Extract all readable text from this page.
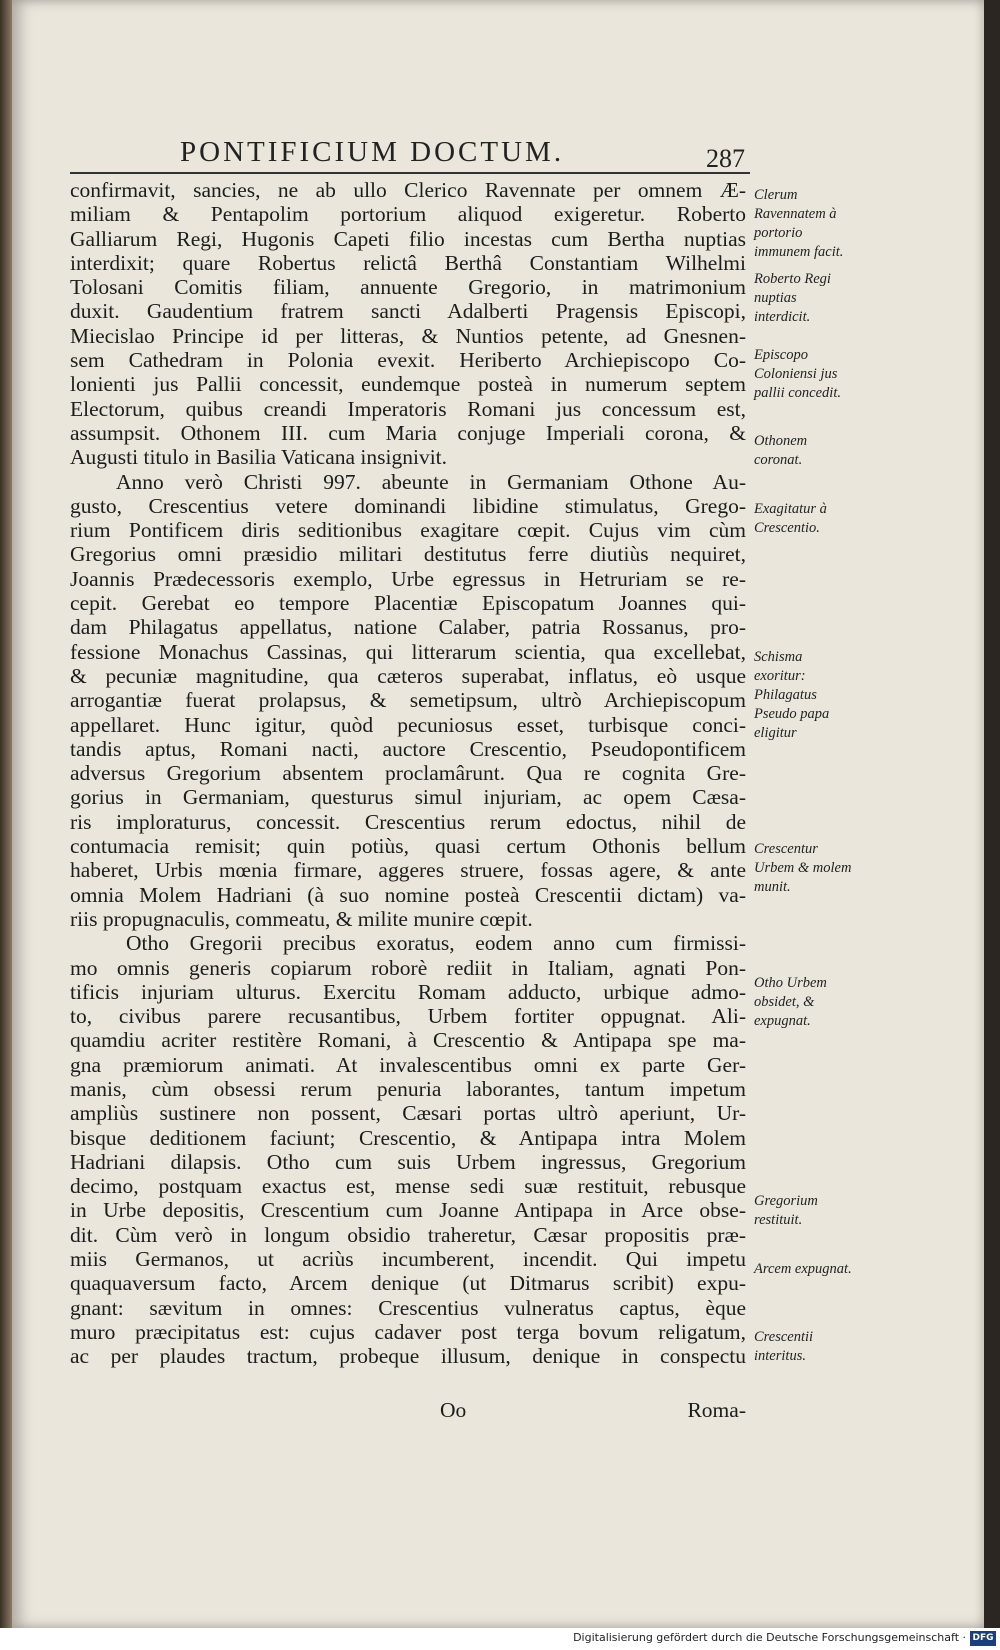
PONTIFICIUM DOCTUM.	287

confirmavit, sancies, ne ab ullo Clerico Ravennate per omnem Æ-
miliam & Pentapolim portorium aliquod exigeretur. Roberto
Galliarum Regi, Hugonis Capeti filio incestas cum Bertha nuptias
interdixit; quare Robertus relictâ Berthâ Constantiam Wilhelmi
Tolosani Comitis filiam, annuente Gregorio, in matrimonium
duxit. Gaudentium fratrem sancti Adalberti Pragensis Episcopi,
Miecislao Principe id per litteras, & Nuntios petente, ad Gnesnen-
sem Cathedram in Polonia evexit. Heriberto Archiepiscopo Co-
lonienti jus Pallii concessit, eundemque posteà in numerum septem
Electorum, quibus creandi Imperatoris Romani jus concessum est,
assumpsit. Othonem III. cum Maria conjuge Imperiali corona, &
Augusti titulo in Basilia Vaticana insignivit.

Anno verò Christi 997. abeunte in Germaniam Othone Au-
gusto, Crescentius vetere dominandi libidine stimulatus, Grego-
rium Pontificem diris seditionibus exagitare cœpit. Cujus vim cùm
Gregorius omni præsidio militari destitutus ferre diutiùs nequiret,
Joannis Prædecessoris exemplo, Urbe egressus in Hetruriam se re-
cepit. Gerebat eo tempore Placentiæ Episcopatum Joannes qui-
dam Philagatus appellatus, natione Calaber, patria Rossanus, pro-
fessione Monachus Cassinas, qui litterarum scientia, qua excellebat,
& pecuniæ magnitudine, qua cæteros superabat, inflatus, eò usque
arrogantiæ fuerat prolapsus, & semetipsum, ultrò Archiepiscopum
appellaret. Hunc igitur, quòd pecuniosus esset, turbisque conci-
tandis aptus, Romani nacti, auctore Crescentio, Pseudopontificem
adversus Gregorium absentem proclamârunt. Qua re cognita Gre-
gorius in Germaniam, questurus simul injuriam, ac opem Cæsa-
ris imploraturus, concessit. Crescentius rerum edoctus, nihil de
contumacia remisit; quin potiùs, quasi certum Othonis bellum
haberet, Urbis mœnia firmare, aggeres struere, fossas agere, & ante
omnia Molem Hadriani (à suo nomine posteà Crescentii dictam) va-
riis propugnaculis, commeatu, & milite munire cœpit.

Otho Gregorii precibus exoratus, eodem anno cum firmissi-
mo omnis generis copiarum roborè rediit in Italiam, agnati Pon-
tificis injuriam ulturus. Exercitu Romam adducto, urbique admo-
to, civibus parere recusantibus, Urbem fortiter oppugnat. Ali-
quamdiu acriter restitère Romani, à Crescentio & Antipapa spe ma-
gna præmiorum animati. At invalescentibus omni ex parte Ger-
manis, cùm obsessi rerum penuria laborantes, tantum impetum
ampliùs sustinere non possent, Cæsari portas ultrò aperiunt, Ur-
bisque deditionem faciunt; Crescentio, & Antipapa intra Molem
Hadriani dilapsis. Otho cum suis Urbem ingressus, Gregorium
decimo, postquam exactus est, mense sedi suæ restituit, rebusque
in Urbe depositis, Crescentium cum Joanne Antipapa in Arce obse-
dit. Cùm verò in longum obsidio traheretur, Cæsar propositis præ-
miis Germanos, ut acriùs incumberent, incendit. Qui impetu
quaquaversum facto, Arcem denique (ut Ditmarus scribit) expu-
gnant: sævitum in omnes: Crescentius vulneratus captus, èque
muro præcipitatus est: cujus cadaver post terga bovum religatum,
ac per plaudes tractum, probeque illusum, denique in conspectu

Oo	Roma-
Clerum Ravennatem à portorio immunem facit.
Roberto Regi nuptias interdicit.
Episcopo Coloniensi jus pallii concedit.
Othonem coronat.
Exagitatur à Crescentio.
Schisma exoritur: Philagatus Pseudo papa eligitur
Crescentur Urbem & molem munit.
Otho Urbem obsidet, & expugnat.
Gregorium restituit.
Arcem expugnat.
Crescentii interitus.
Digitalisierung gefördert durch die Deutsche Forschungsgemeinschaft · DFG
